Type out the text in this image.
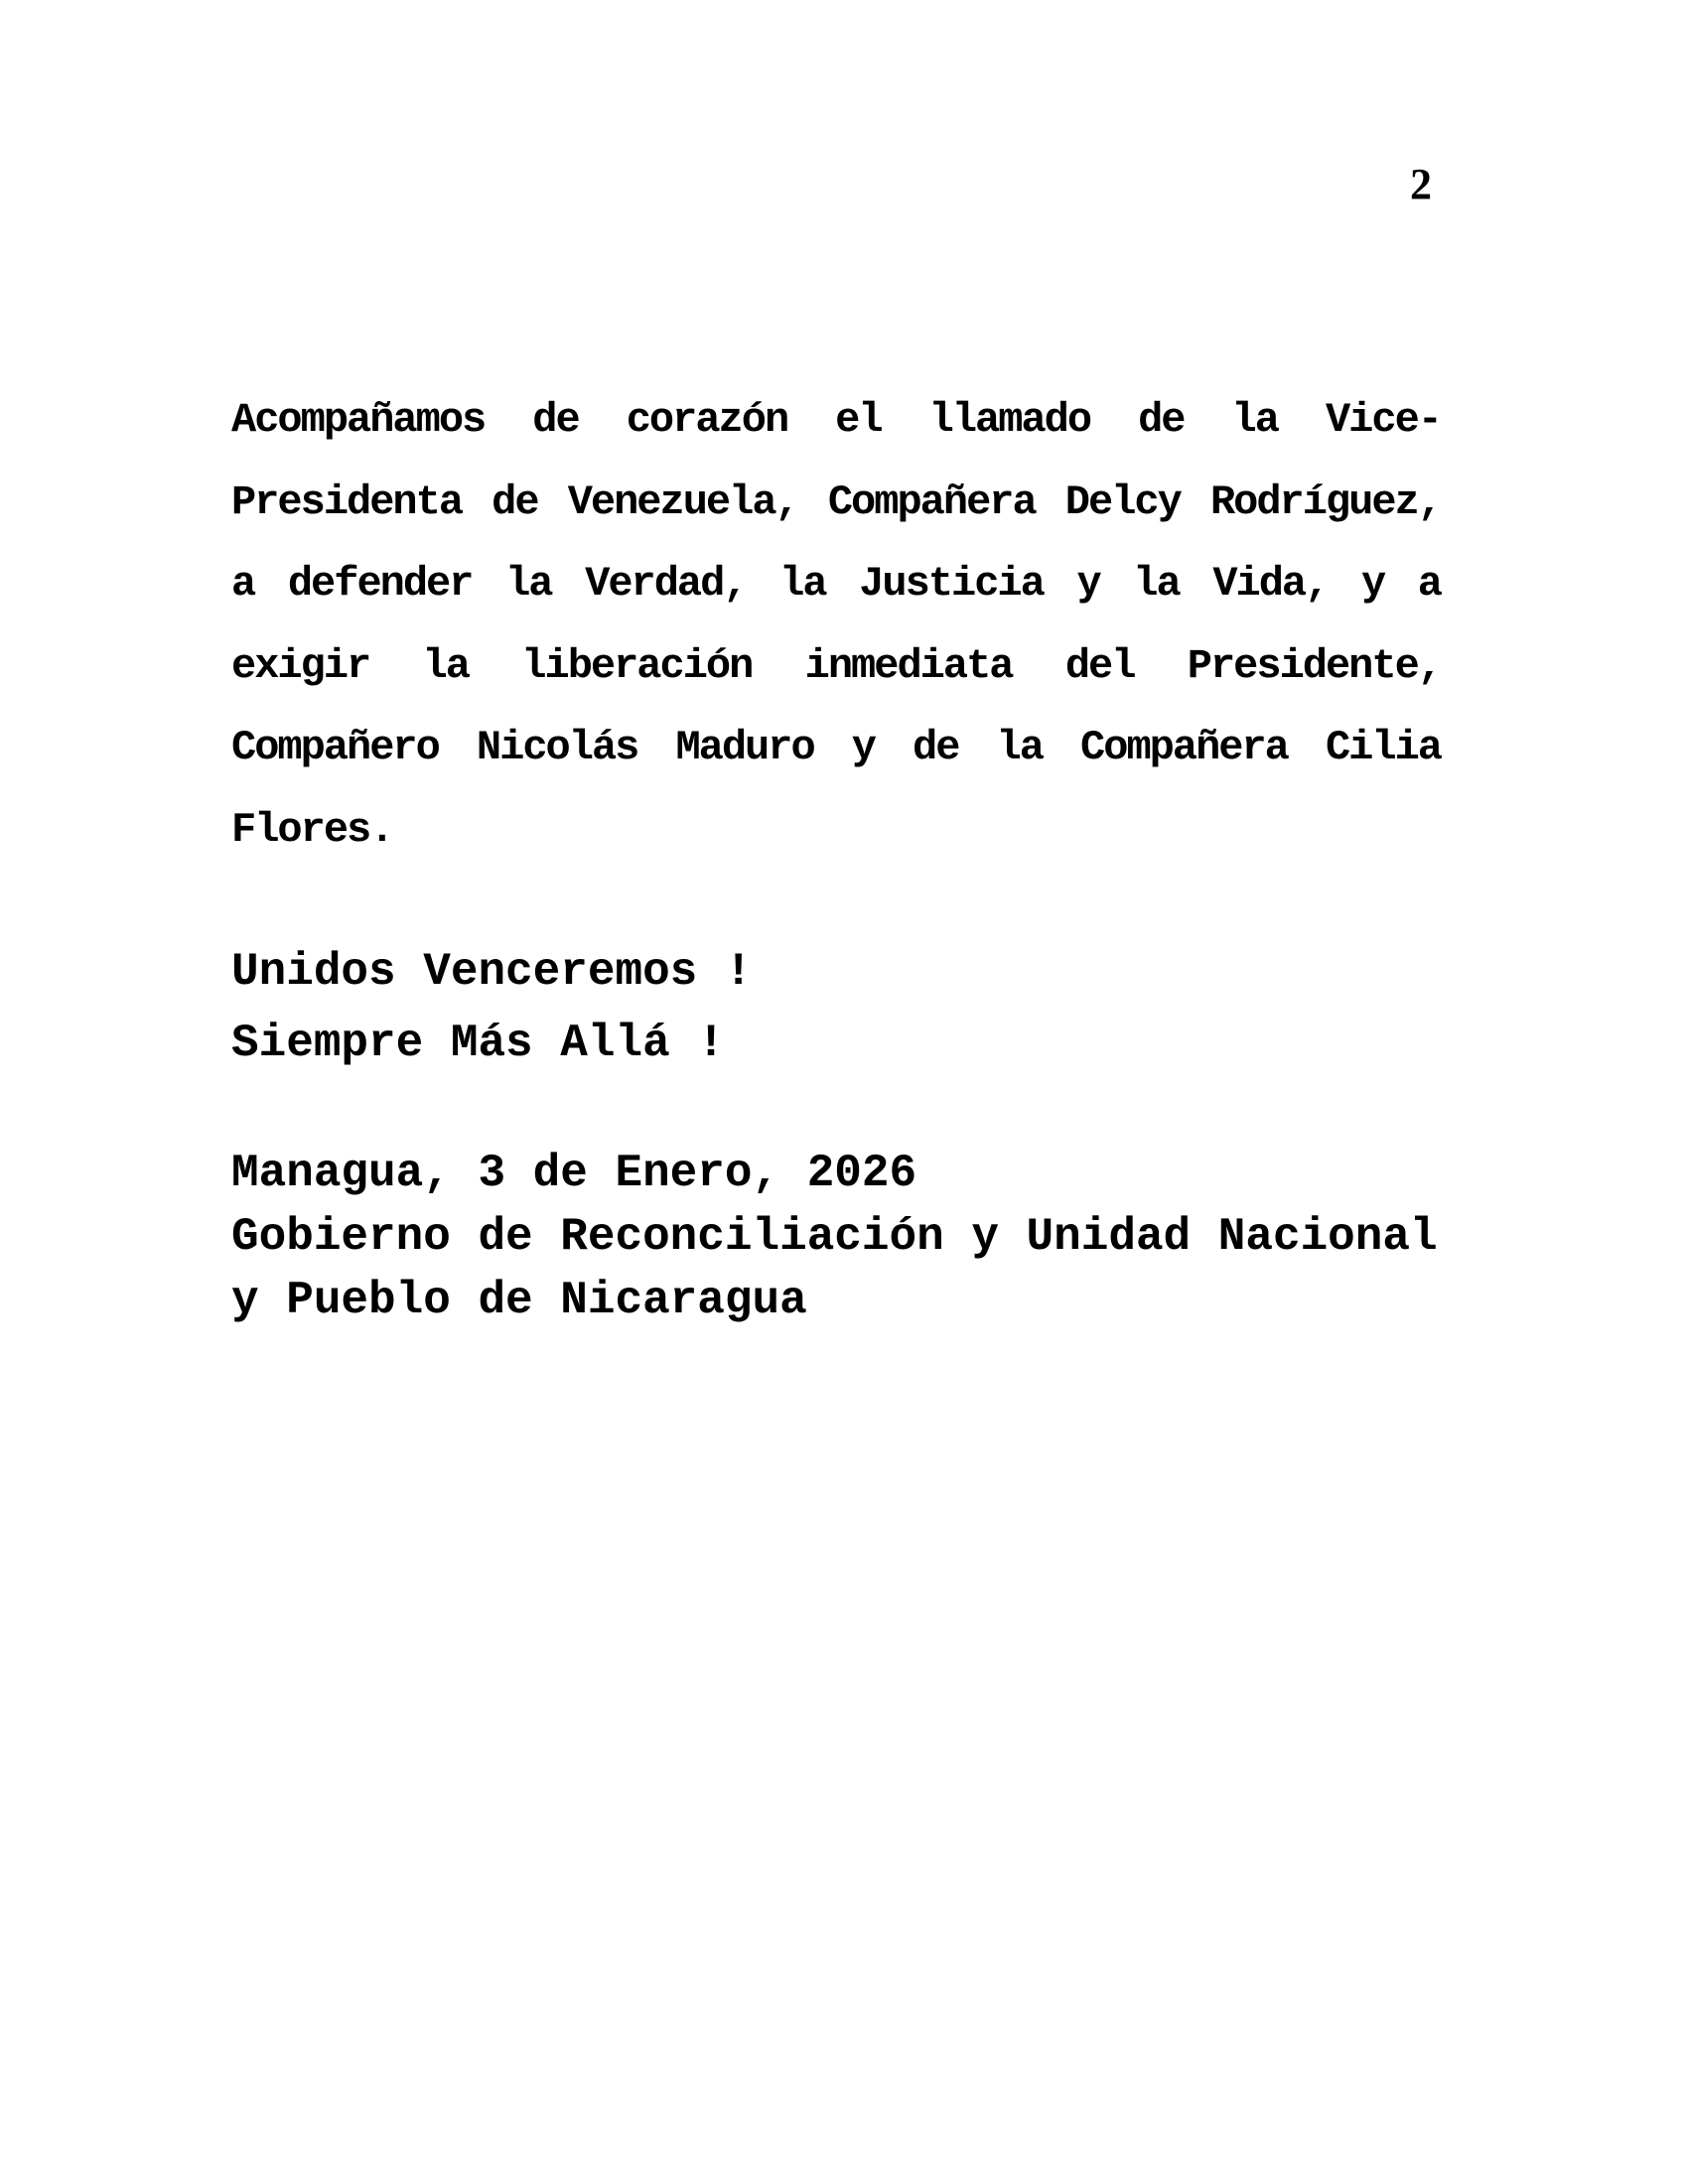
2
Acompañamos de corazón el llamado de la Vice-
Presidenta de Venezuela, Compañera Delcy Rodríguez,
a defender la Verdad, la Justicia y la Vida, y a
exigir la liberación inmediata del Presidente,
Compañero Nicolás Maduro y de la Compañera Cilia
Flores.
Unidos Venceremos !
Siempre Más Allá !
Managua, 3 de Enero, 2026
Gobierno de Reconciliación y Unidad Nacional
y Pueblo de Nicaragua
